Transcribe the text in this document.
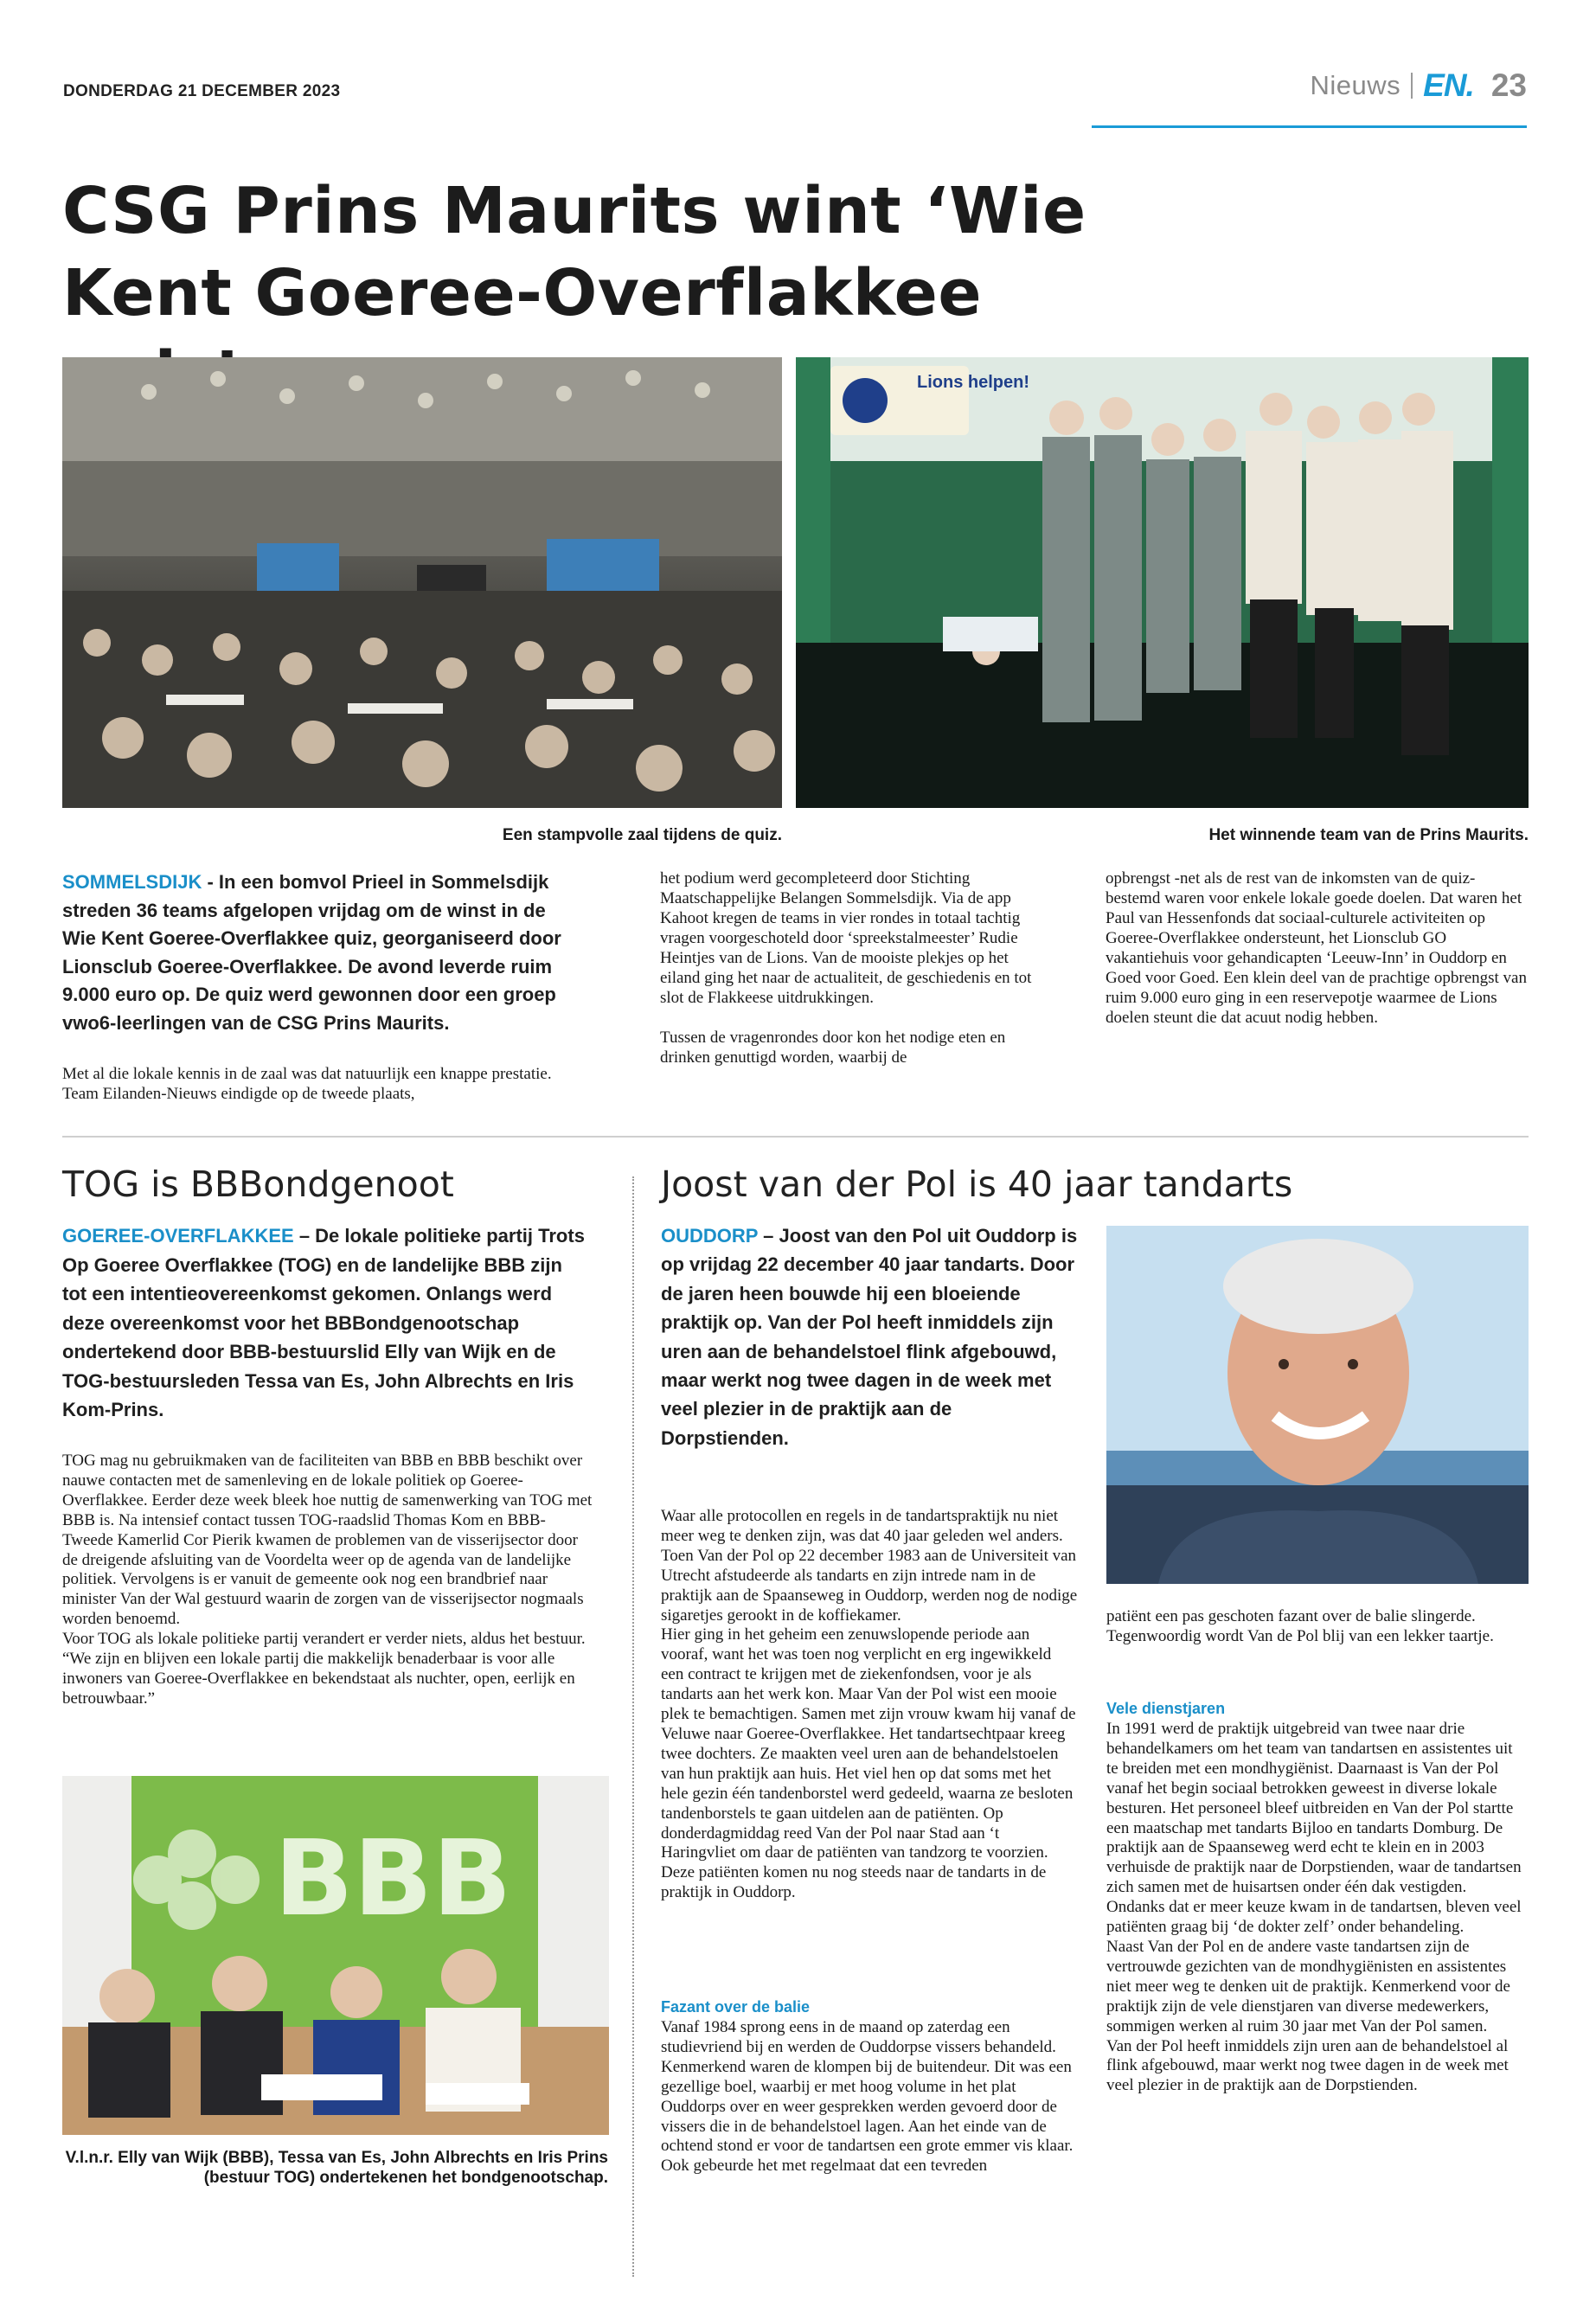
DONDERDAG 21 DECEMBER 2023	Nieuws EN. 23
CSG Prins Maurits wint ‘Wie Kent Goeree-Overflakkee
Lions helpen!
Een stampvolle zaal tijdens de quiz.	Het winnende team van de Prins Maurits.
SOMMELSDIJK - In een bomvol Prieel in Sommelsdijk streden 36 teams afgelopen vrijdag om de winst in de Wie Kent Goeree-Overflakkee quiz, georganiseerd door Lionsclub Goeree-Overflakkee. De avond leverde ruim 9.000 euro op. De quiz werd gewonnen door een groep vwo6-leerlingen van de CSG Prins Maurits.

Met al die lokale kennis in de zaal was dat natuurlijk een knappe prestatie. Team Eilanden-Nieuws eindigde op de tweede plaats,

het podium werd gecompleteerd door Stichting Maatschappelijke Belangen Sommelsdijk. Via de app Kahoot kregen de teams in vier rondes in totaal tachtig vragen voorgeschoteld door ‘spreekstalmeester’ Rudie Heintjes van de Lions. Van de mooiste plekjes op het eiland ging het naar de actualiteit, de geschiedenis en tot slot de Flakkeese uitdrukkingen.

Tussen de vragenrondes door kon het nodige eten en drinken genuttigd worden, waarbij de

opbrengst -net als de rest van de inkomsten van de quiz- bestemd waren voor enkele lokale goede doelen. Dat waren het Paul van Hessenfonds dat sociaal-culturele activiteiten op Goeree-Overflakkee ondersteunt, het Lionsclub GO vakantiehuis voor gehandicapten ‘Leeuw-Inn’ in Ouddorp en Goed voor Goed. Een klein deel van de prachtige opbrengst van ruim 9.000 euro ging in een reservepotje waarmee de Lions doelen steunt die dat acuut nodig hebben.

TOG is BBBondgenoot
GOEREE-OVERFLAKKEE – De lokale politieke partij Trots Op Goeree Overflakkee (TOG) en de landelijke BBB zijn tot een intentieovereenkomst gekomen. Onlangs werd deze overeenkomst voor het BBBondgenootschap ondertekend door BBB-bestuurslid Elly van Wijk en de TOG-bestuursleden Tessa van Es, John Albrechts en Iris Kom-Prins.

TOG mag nu gebruikmaken van de faciliteiten van BBB en BBB beschikt over nauwe contacten met de samenleving en de lokale politiek op Goeree-Overflakkee. Eerder deze week bleek hoe nuttig de samenwerking van TOG met BBB is. Na intensief contact tussen TOG-raadslid Thomas Kom en BBB-Tweede Kamerlid Cor Pierik kwamen de problemen van de visserijsector door de dreigende afsluiting van de Voordelta weer op de agenda van de landelijke politiek. Vervolgens is er vanuit de gemeente ook nog een brandbrief naar minister Van der Wal gestuurd waarin de zorgen van de visserijsector nogmaals worden benoemd.

Voor TOG als lokale politieke partij verandert er verder niets, aldus het bestuur. “We zijn en blijven een lokale partij die makkelijk benaderbaar is voor alle inwoners van Goeree-Overflakkee en bekendstaat als nuchter, open, eerlijk en betrouwbaar.”

BBB
V.l.n.r. Elly van Wijk (BBB), Tessa van Es, John Albrechts en Iris Prins (bestuur TOG) ondertekenen het bondgenootschap.
Joost van der Pol is 40 jaar tandarts
OUDDORP – Joost van den Pol uit Ouddorp is op vrijdag 22 december 40 jaar tandarts. Door de jaren heen bouwde hij een bloeiende praktijk op. Van der Pol heeft inmiddels zijn uren aan de behandelstoel flink afgebouwd, maar werkt nog twee dagen in de week met veel plezier in de praktijk aan de Dorpstienden.

Waar alle protocollen en regels in de tandartspraktijk nu niet meer weg te denken zijn, was dat 40 jaar geleden wel anders. Toen Van der Pol op 22 december 1983 aan de Universiteit van Utrecht afstudeerde als tandarts en zijn intrede nam in de praktijk aan de Spaanseweg in Ouddorp, werden nog de nodige sigaretjes gerookt in de koffiekamer.
Hier ging in het geheim een zenuwslopende periode aan vooraf, want het was toen nog verplicht en erg ingewikkeld een contract te krijgen met de ziekenfondsen, voor je als tandarts aan het werk kon. Maar Van der Pol wist een mooie plek te bemachtigen. Samen met zijn vrouw kwam hij vanaf de Veluwe naar Goeree-Overflakkee. Het tandartsechtpaar kreeg twee dochters. Ze maakten veel uren aan de behandelstoelen van hun praktijk aan huis. Het viel hen op dat soms met het hele gezin één tandenborstel werd gedeeld, waarna ze besloten tandenborstels te gaan uitdelen aan de patiënten. Op donderdagmiddag reed Van der Pol naar Stad aan ‘t Haringvliet om daar de patiënten van tandzorg te voorzien. Deze patiënten komen nu nog steeds naar de tandarts in de praktijk in Ouddorp.

Fazant over de balie

Vanaf 1984 sprong eens in de maand op zaterdag een studievriend bij en werden de Ouddorpse vissers behandeld. Kenmerkend waren de klompen bij de buitendeur. Dit was een gezellige boel, waarbij er met hoog volume in het plat Ouddorps over en weer gesprekken werden gevoerd door de vissers die in de behandelstoel lagen. Aan het einde van de ochtend stond er voor de tandartsen een grote emmer vis klaar. Ook gebeurde het met regelmaat dat een tevreden

patiënt een pas geschoten fazant over de balie slingerde. Tegenwoordig wordt Van de Pol blij van een lekker taartje.

Vele dienstjaren

In 1991 werd de praktijk uitgebreid van twee naar drie behandelkamers om het team van tandartsen en assistentes uit te breiden met een mondhygiënist. Daarnaast is Van der Pol vanaf het begin sociaal betrokken geweest in diverse lokale besturen. Het personeel bleef uitbreiden en Van der Pol startte een maatschap met tandarts Bijloo en tandarts Domburg. De praktijk aan de Spaanseweg werd echt te klein en in 2003 verhuisde de praktijk naar de Dorpstienden, waar de tandartsen zich samen met de huisartsen onder één dak vestigden. Ondanks dat er meer keuze kwam in de tandartsen, bleven veel patiënten graag bij ‘de dokter zelf’ onder behandeling.
Naast Van der Pol en de andere vaste tandartsen zijn de vertrouwde gezichten van de mondhygiënisten en assistentes niet meer weg te denken uit de praktijk. Kenmerkend voor de praktijk zijn de vele dienstjaren van diverse medewerkers, sommigen werken al ruim 30 jaar met Van der Pol samen.
Van der Pol heeft inmiddels zijn uren aan de behandelstoel al flink afgebouwd, maar werkt nog twee dagen in de week met veel plezier in de praktijk aan de Dorpstienden.
